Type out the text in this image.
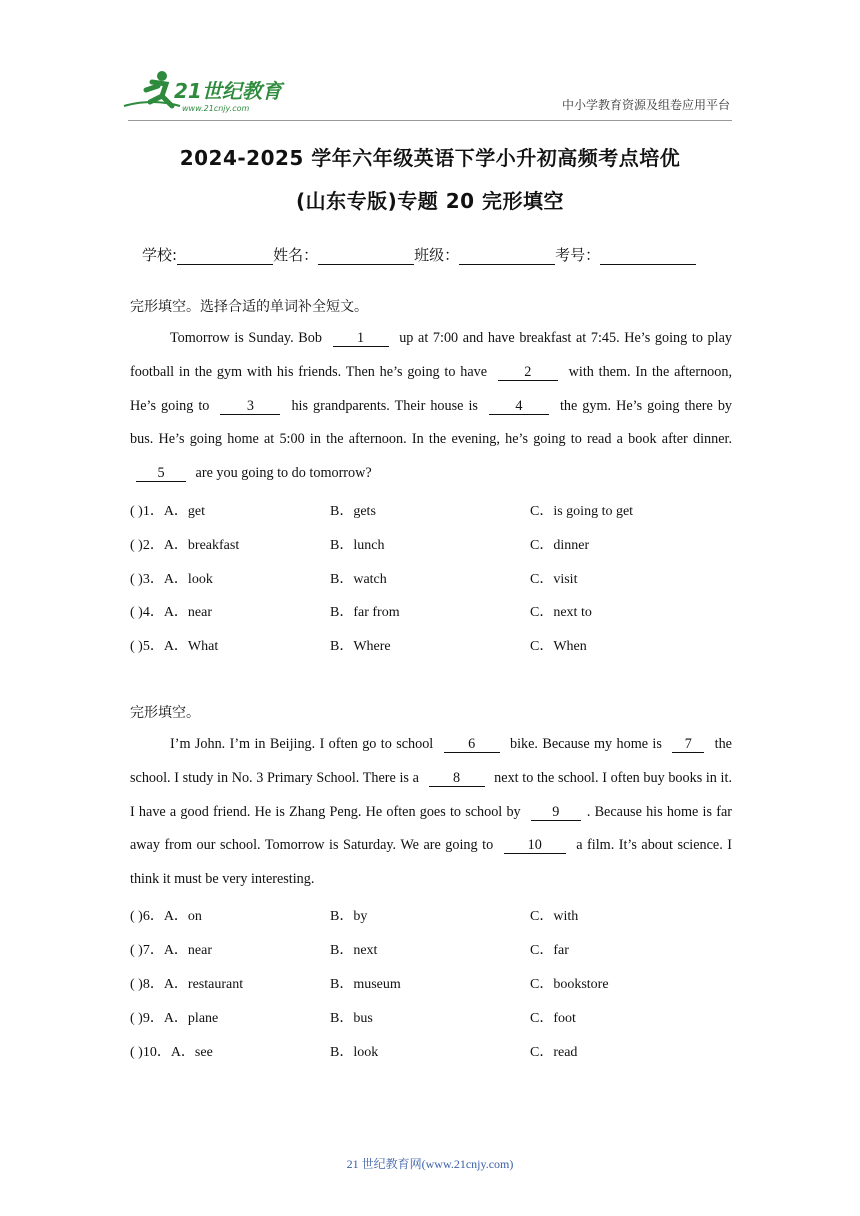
21世纪教育
www.21cnjy.com	中小学教育资源及组卷应用平台
2024-2025 学年六年级英语下学小升初高频考点培优
(山东专版)专题 20 完形填空
学校:	姓名：	班级：	考号：
完形填空。选择合适的单词补全短文。
Tomorrow is Sunday. Bob 1 up at 7:00 and have breakfast at 7:45. He’s going to play football in the gym with his friends. Then he’s going to have 2 with them. In the afternoon, He’s going to 3 his grandparents. Their house is 4 the gym. He’s going there by bus. He’s going home at 5:00 in the afternoon. In the evening, he’s going to read a book after dinner. 5 are you going to do tomorrow?
( )1．A．get	B．gets	C．is going to get
( )2．A．breakfast	B．lunch	C．dinner
( )3．A．look	B．watch	C．visit
( )4．A．near	B．far from	C．next to
( )5．A．What	B．Where	C．When
完形填空。
I’m John. I’m in Beijing. I often go to school 6 bike. Because my home is 7 the school. I study in No. 3 Primary School. There is a 8 next to the school. I often buy books in it. I have a good friend. He is Zhang Peng. He often goes to school by 9 . Because his home is far away from our school. Tomorrow is Saturday. We are going to 10 a film. It’s about science. I think it must be very interesting.
( )6．A．on	B．by	C．with
( )7．A．near	B．next	C．far
( )8．A．restaurant	B．museum	C．bookstore
( )9．A．plane	B．bus	C．foot
( )10．A．see	B．look	C．read
21 世纪教育网(www.21cnjy.com)
